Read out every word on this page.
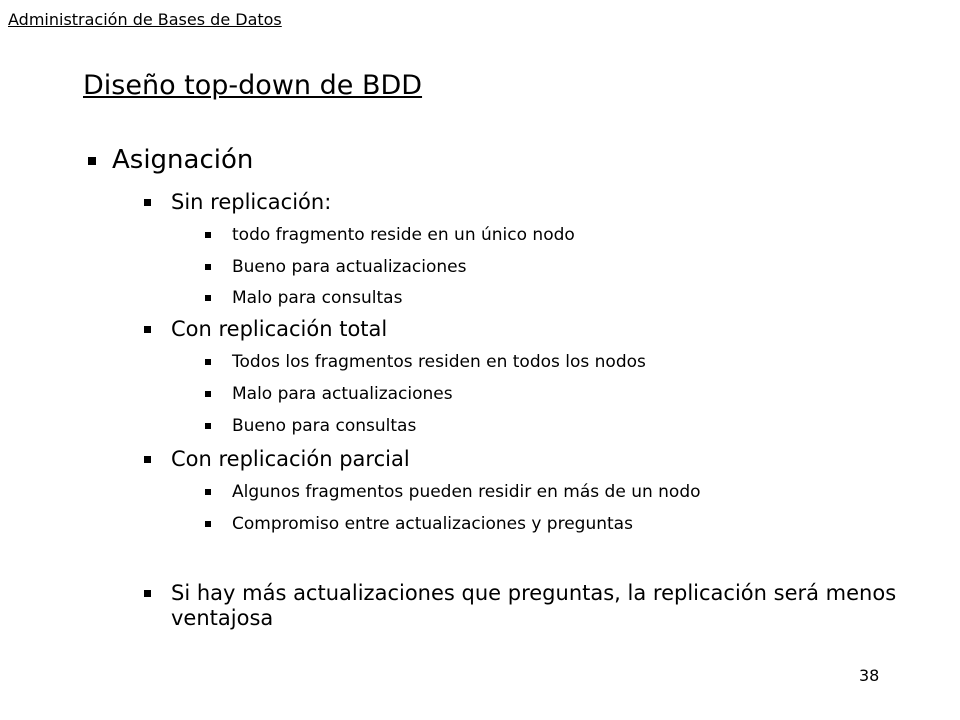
Administración de Bases de Datos
Diseño top-down de BDD
Asignación
Sin replicación:
todo fragmento reside en un único nodo
Bueno para actualizaciones
Malo para consultas
Con replicación total
Todos los fragmentos residen en todos los nodos
Malo para actualizaciones
Bueno para consultas
Con replicación parcial
Algunos fragmentos pueden residir en más de un nodo
Compromiso entre actualizaciones y preguntas
Si hay más actualizaciones que preguntas, la replicación será menos ventajosa
38
